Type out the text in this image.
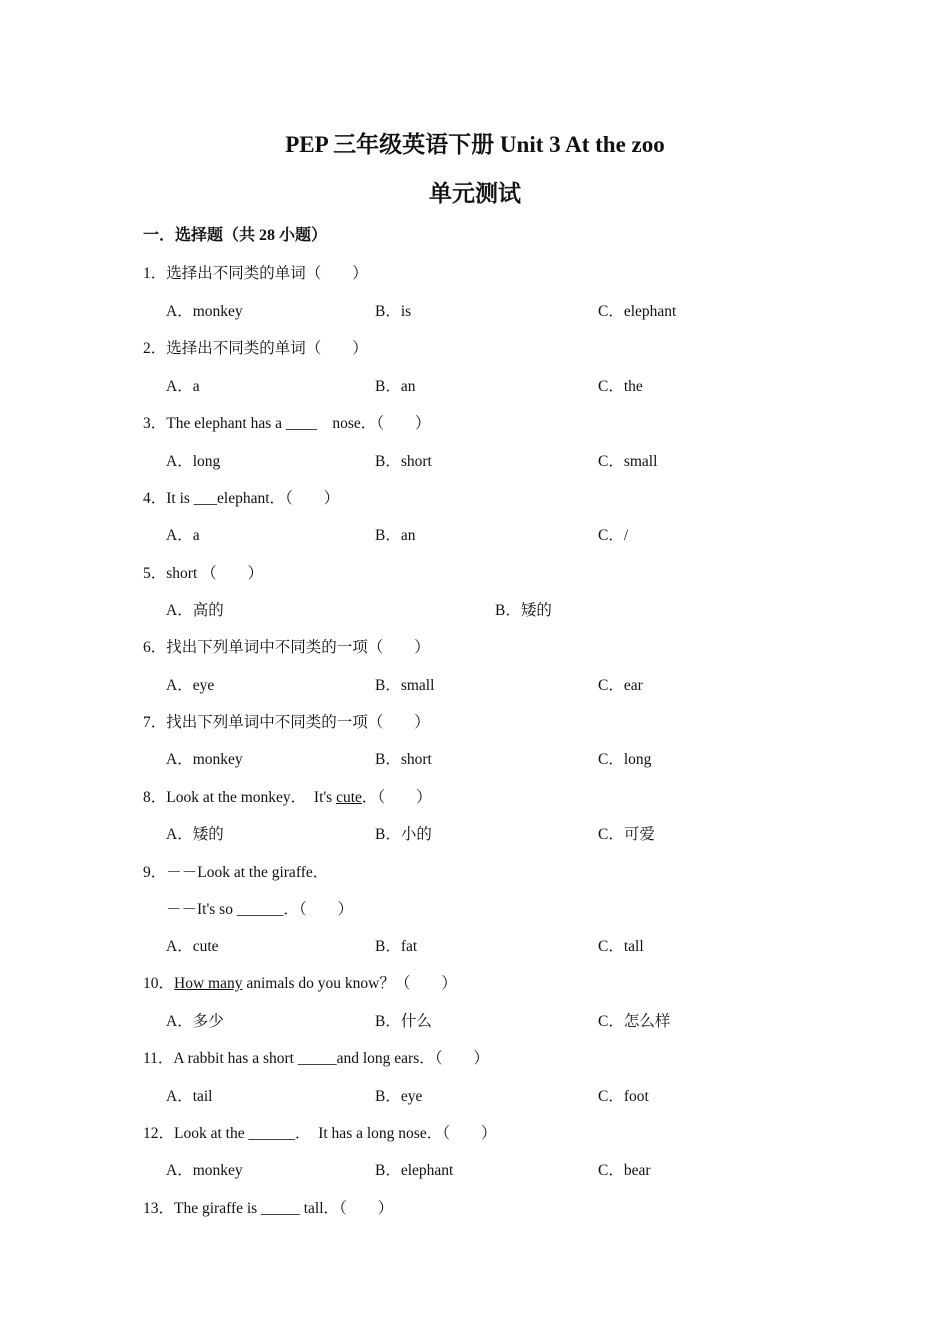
PEP 三年级英语下册 Unit 3 At the zoo
单元测试
一．选择题（共 28 小题）
1．选择出不同类的单词（　　）
A．monkey	B．is	C．elephant
2．选择出不同类的单词（　　）
A．a	B．an	C．the
3．The elephant has a ____　nose．（　　）
A．long	B．short	C．small
4．It is ___elephant．（　　）
A．a	B．an	C．/
5．short （　　）
A．高的	B．矮的
6．找出下列单词中不同类的一项（　　）
A．eye	B．small	C．ear
7．找出下列单词中不同类的一项（　　）
A．monkey	B．short	C．long
8．Look at the monkey．　It's cute．（　　）
A．矮的	B．小的	C．可爱
9．－－Look at the giraffe．
－－It's so ______．（　　）
A．cute	B．fat	C．tall
10．How many animals do you know？（　　）
A．多少	B．什么	C．怎么样
11．A rabbit has a short _____and long ears．（　　）
A．tail	B．eye	C．foot
12．Look at the ______．　It has a long nose．（　　）
A．monkey	B．elephant	C．bear
13．The giraffe is _____ tall．（　　）
